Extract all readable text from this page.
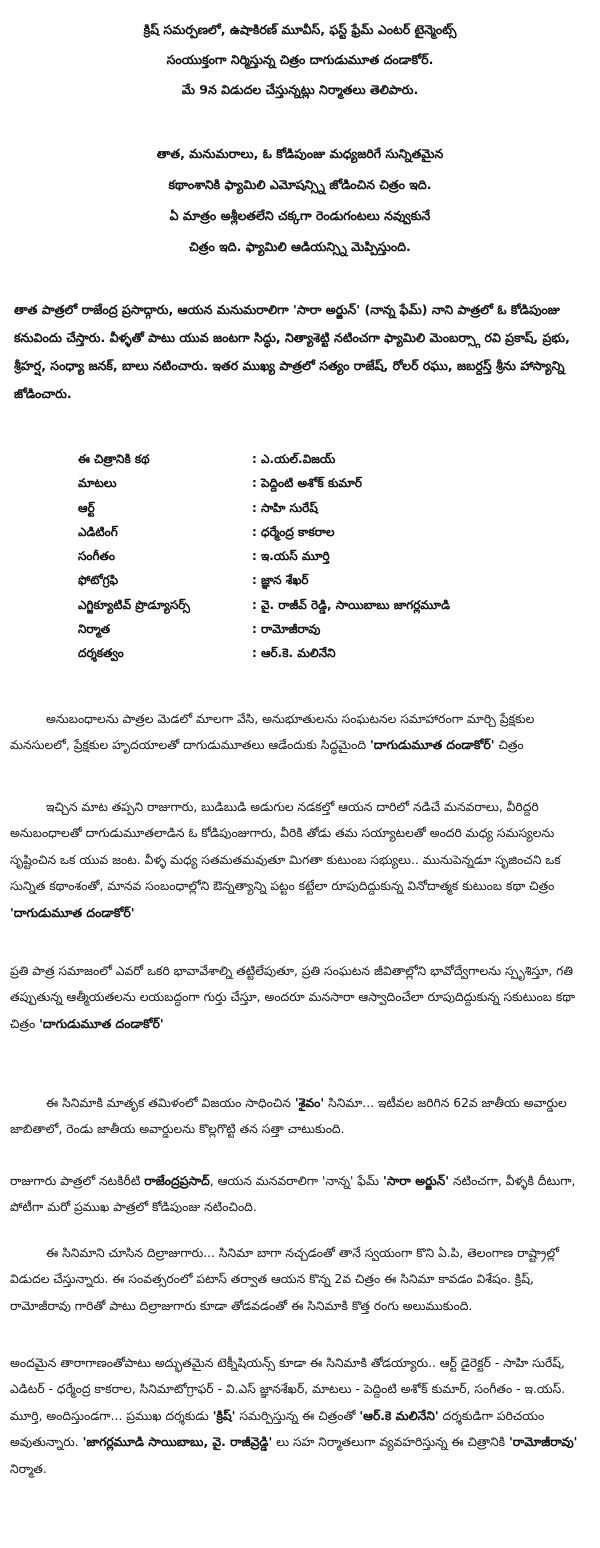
క్రిష్ సమర్పణలో, ఉషాకిరణ్ మూవీస్, ఫస్ట్ ఫ్రేమ్ ఎంటర్ టైన్మెంట్స్
సంయుక్తంగా నిర్మిస్తున్న చిత్రం దాగుడుమూత దండాకోర్.
మే 9న విడుదల చేస్తున్నట్లు నిర్మాతలు తెలిపారు.
తాత, మనుమరాలు, ఓ కోడిపుంజు మధ్యజరిగే సున్నితమైన
కథాంశానికి ఫ్యామిలి ఎమోషన్స్ని జోడించిన చిత్రం ఇది.
ఏ మాత్రం అశ్లీలతలేని చక్కగా రెండుగంటలు నవ్వుకునే
చిత్రం ఇది. ఫ్యామిలి ఆడియన్స్ని మెప్పిస్తుంది.
తాత పాత్రలో రాజేంద్ర ప్రసాద్గారు, ఆయన మనుమరాలిగా 'సారా అర్జున్' (నాన్న ఫేమ్) నాని పాత్రలో ఓ కోడిపుంజు కనువిందు చేస్తారు. వీళ్ళతో పాటు యువ జంటగా సిద్ధు, నిత్యాశెట్టి నటించగా ఫ్యామిలి మెంబర్స్గా రవి ప్రకాష్, ప్రభు, శ్రీహర్ష, సంధ్యా జనక్, బాలు నటించారు. ఇతర ముఖ్య పాత్రలో సత్యం రాజేష్, రోలర్ రఘు, జబర్దస్త్ శ్రీను హాస్యాన్ని జోడించారు.
ఈ చిత్రానికి కథ	: ఎ.యల్.విజయ్
మాటలు	: పెద్దింటి అశోక్ కుమార్
ఆర్ట్	: సాహి సురేష్
ఎడిటింగ్	: ధర్మేంద్ర కాకరాల
సంగీతం	: ఇ.యస్ మూర్తి
ఫోటోగ్రఫి	: జ్ఞాన శేఖర్
ఎగ్జిక్యూటివ్ ప్రొడ్యూసర్స్	: వై. రాజీవ్ రెడ్డి, సాయిబాబు జాగర్లమూడి
నిర్మాత	: రామోజీరావు
దర్శకత్వం	: ఆర్.కె. మలినేని

అనుబంధాలను పాత్రల మెడలో మాలగా వేసి, అనుభూతులను సంఘటనల సమాహారంగా మార్చి ప్రేక్షకుల మనసులలో, ప్రేక్షకుల హృదయాలతో దాగుడుమూతలు ఆడేందుకు సిద్ధమైంది 'దాగుడుమూత దండాకోర్' చిత్రం

ఇచ్చిన మాట తప్పని రాజుగారు, బుడిబుడి అడుగుల నడకల్తో ఆయన దారిలో నడిచే మనవరాలు, వీరిద్దరి అనుబంధాలతో దాగుడుమూతలాడిన ఓ కోడిపుంజుగారు, వీరికి తోడు తమ సయ్యాటలతో అందరి మధ్య సమస్యలను సృష్టించిన ఒక యువ జంట. వీళ్ళ మధ్య సతమతమవుతూ మిగతా కుటుంబ సభ్యులు.. మునుపెన్నడూ సృజించని ఒక సున్నిత కథాంశంతో, మానవ సంబంధాల్లోని ఔన్నత్యాన్ని పట్టం కట్టేలా రూపుదిద్దుకున్న వినోదాత్మక కుటుంబ కథా చిత్రం 'దాగుడుమూత దండాకోర్'

ప్రతి పాత్ర సమాజంలో ఎవరో ఒకరి భావావేశాల్ని తట్టిలేపుతూ, ప్రతి సంఘటన జీవితాల్లోని భావోద్వేగాలను స్పృశిస్తూ, గతి తప్పుతున్న ఆత్మీయతలను లయబద్ధంగా గుర్తు చేస్తూ, అందరూ మనసారా ఆస్వాదించేలా రూపుదిద్దుకున్న సకుటుంబ కథా చిత్రం 'దాగుడుమూత దండాకోర్'

ఈ సినిమాకి మాతృక తమిళంలో విజయం సాధించిన 'శైవం' సినిమా... ఇటీవల జరిగిన 62వ జాతీయ అవార్డుల జాబితాలో, రెండు జాతీయ అవార్డులను కొల్లగొట్టి తన సత్తా చాటుకుంది.

రాజుగారు పాత్రలో నటకిరీటి రాజేంద్రప్రసాద్, ఆయన మనవరాలిగా 'నాన్న' ఫేమ్ 'సారా అర్జున్' నటించగా, వీళ్ళకి దీటుగా, పోటీగా మరో ప్రముఖ పాత్రలో కోడిపుంజు నటించింది.

ఈ సినిమాని చూసిన దిల్రాజుగారు... సినిమా బాగా నచ్చడంతో తానే స్వయంగా కొని ఏ.పి, తెలంగాణ రాష్ట్రాల్లో విడుదల చేస్తున్నారు. ఈ సంవత్సరంలో పటాస్ తర్వాత ఆయన కొన్న 2వ చిత్రం ఈ సినిమా కావడం విశేషం. క్రిష్, రామోజీరావు గారితో పాటు దిల్రాజుగారు కూడా తోడవడంతో ఈ సినిమాకి కొత్త రంగు అలుముకుంది.

అందమైన తారాగాణంతోపాటు అద్భుతమైన టెక్నీషియన్స్ కూడా ఈ సినిమాకి తోడయ్యారు.. ఆర్ట్ డైరెక్టర్ - సాహి సురేష్, ఎడిటర్ - ధర్మేంద్ర కాకరాల, సినిమాటోగ్రాఫర్ - వి.ఎస్ జ్ఞానశేఖర్, మాటలు - పెద్దింటి అశోక్ కుమార్, సంగీతం - ఇ.యస్. మూర్తి, అందిస్తుండగా... ప్రముఖ దర్శకుడు 'క్రిష్' సమర్పిస్తున్న ఈ చిత్రంతో 'ఆర్.కె మలినేని' దర్శకుడిగా పరిచయం అవుతున్నారు. 'జాగర్లమూడి సాయిబాబు, వై. రాజీవ్రెడ్డి' లు సహ నిర్మాతలుగా వ్యవహరిస్తున్న ఈ చిత్రానికి 'రామోజీరావు' నిర్మాత.
